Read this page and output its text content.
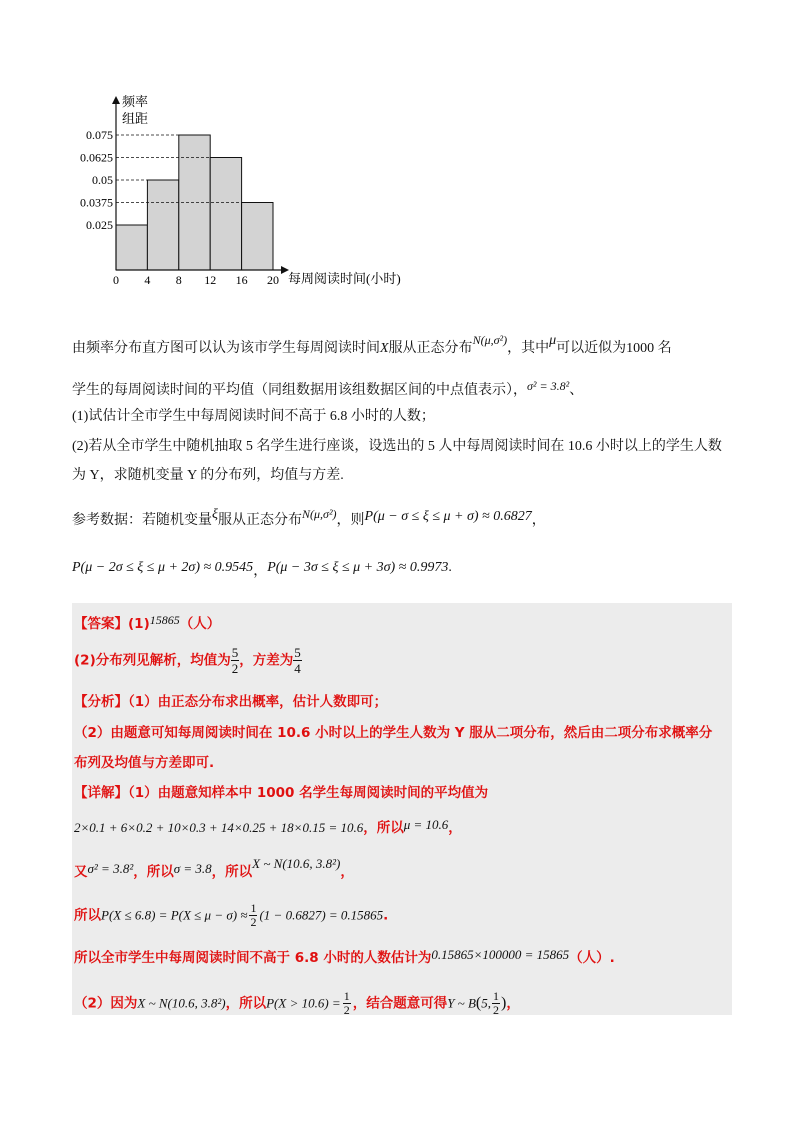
频率
组距
0.075
0.0625
0.05
0.0375
0.025
0 4 8 12 16 20 每周阅读时间(小时)
由频率分布直方图可以认为该市学生每周阅读时间X服从正态分布N(μ,σ²)，其中μ可以近似为1000 名
学生的每周阅读时间的平均值（同组数据用该组数据区间的中点值表示），σ² = 3.8²、
(1)试估计全市学生中每周阅读时间不高于 6.8 小时的人数；
(2)若从全市学生中随机抽取 5 名学生进行座谈，设选出的 5 人中每周阅读时间在 10.6 小时以上的学生人数
为 Y，求随机变量 Y 的分布列，均值与方差.
参考数据：若随机变量ξ服从正态分布N(μ,σ²)，则P(μ − σ ≤ ξ ≤ μ + σ) ≈ 0.6827，
P(μ − 2σ ≤ ξ ≤ μ + 2σ) ≈ 0.9545，P(μ − 3σ ≤ ξ ≤ μ + 3σ) ≈ 0.9973.
【答案】(1)15865（人）
(2)分布列见解析，均值为 $\frac{5}{2}$ ，方差为 $\frac{5}{4}$
【分析】（1）由正态分布求出概率，估计人数即可；
（2）由题意可知每周阅读时间在 10.6 小时以上的学生人数为 Y 服从二项分布，然后由二项分布求概率分
布列及均值与方差即可.
【详解】（1）由题意知样本中 1000 名学生每周阅读时间的平均值为
2×0.1 + 6×0.2 + 10×0.3 + 14×0.25 + 18×0.15 = 10.6，所以μ = 10.6，
又σ² = 3.8²，所以σ = 3.8，所以X ~ N(10.6, 3.8²)，
所以$P(X \le 6.8) = P(X \le \mu - \sigma) \approx \frac{1}{2} (1 - 0.6827) = 0.15865$.
所以全市学生中每周阅读时间不高于 6.8 小时的人数估计为0.15865×100000 = 15865（人）.
（2）因为X ~ N(10.6, 3.8²)，所以$P(X > 10.6) = \frac{1}{2}$ ，结合题意可得Y ~ B(5, $\frac{1}{2}$ )，
